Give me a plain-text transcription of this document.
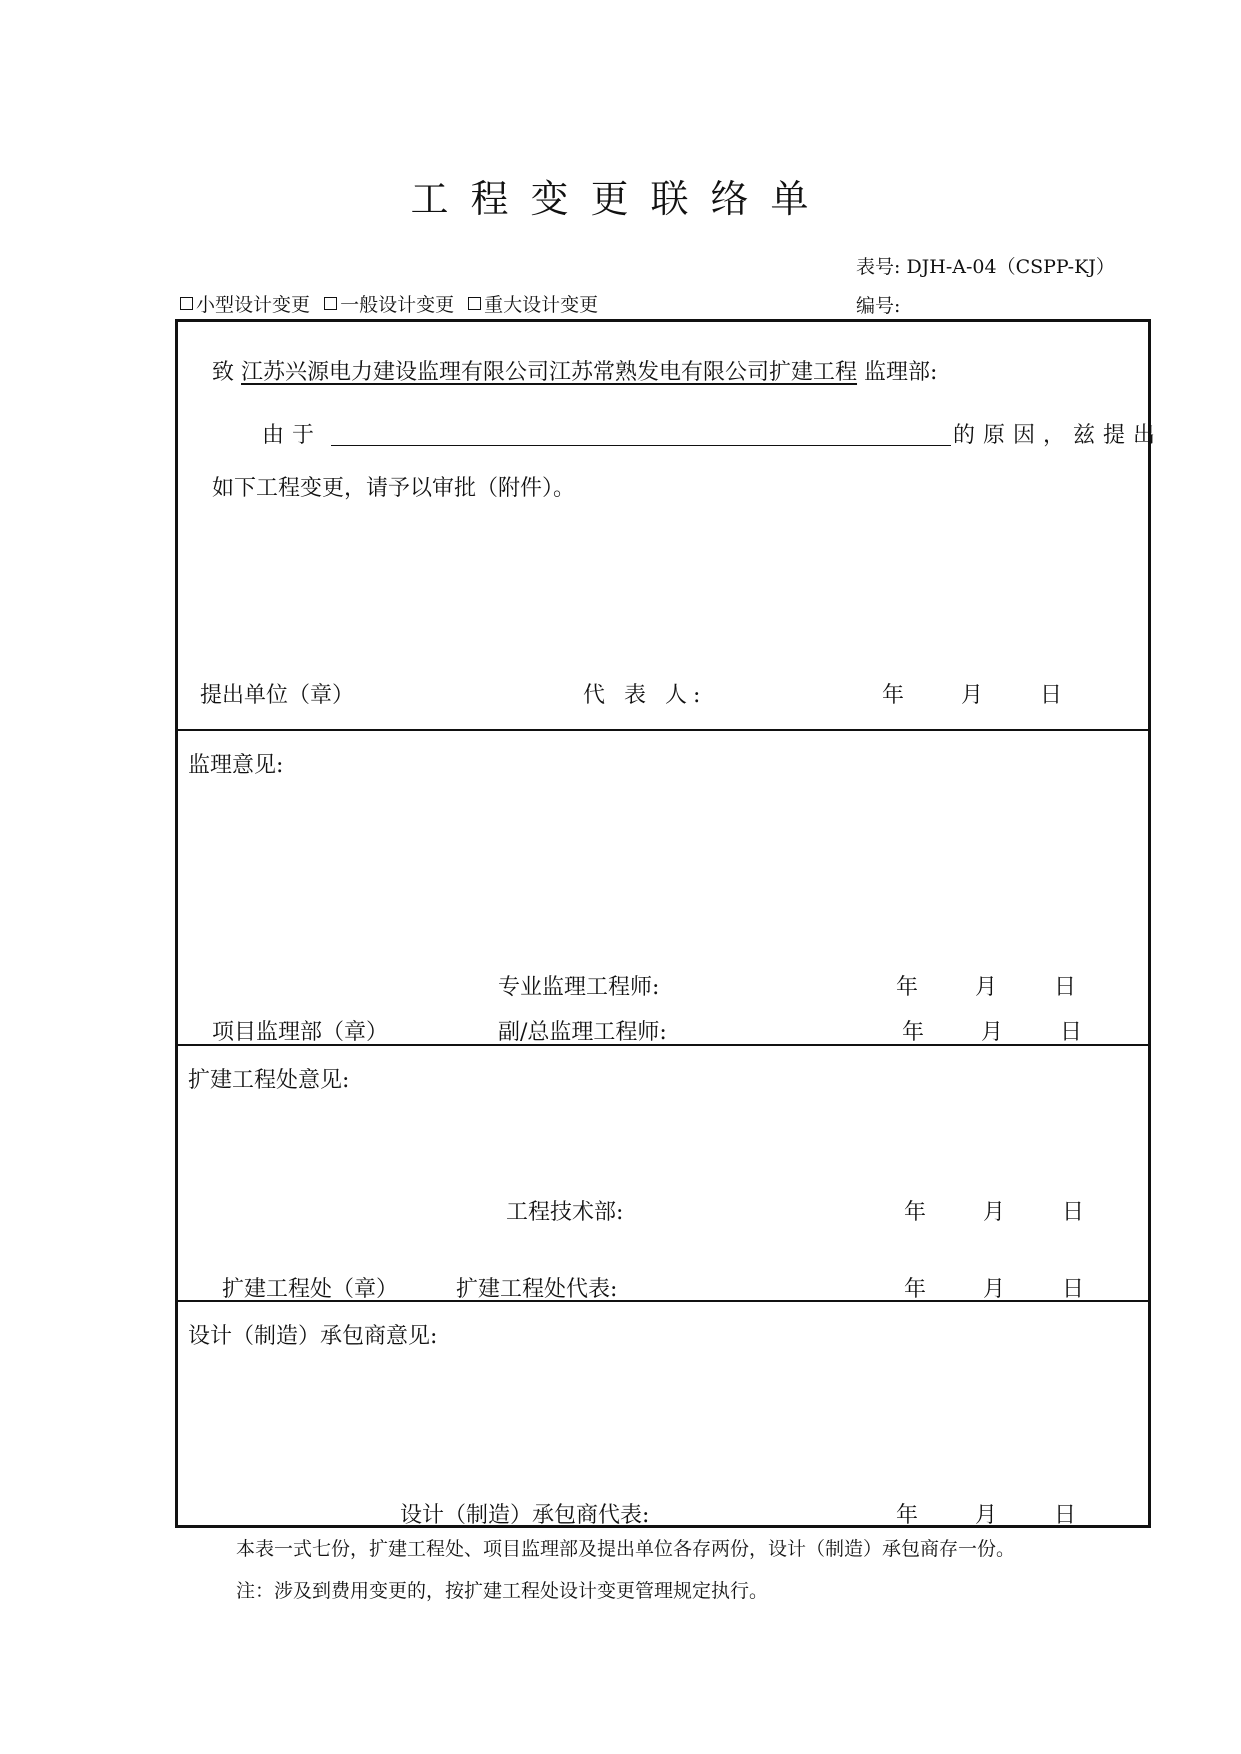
工程变更联络单
表号: DJH-A-04（CSPP-KJ）
编号:
小型设计变更 一般设计变更 重大设计变更
致 江苏兴源电力建设监理有限公司江苏常熟发电有限公司扩建工程 监理部:
由于	的原因，兹提出
如下工程变更，请予以审批（附件）。
提出单位（章）	代 表 人:	年	月	日
监理意见:
专业监理工程师:	年	月	日
项目监理部（章）	副/总监理工程师:	年	月	日
扩建工程处意见:
工程技术部:	年	月	日
扩建工程处（章）	扩建工程处代表:	年	月	日
设计（制造）承包商意见:
设计（制造）承包商代表:	年	月	日
本表一式七份，扩建工程处、项目监理部及提出单位各存两份，设计（制造）承包商存一份。
注：涉及到费用变更的，按扩建工程处设计变更管理规定执行。
